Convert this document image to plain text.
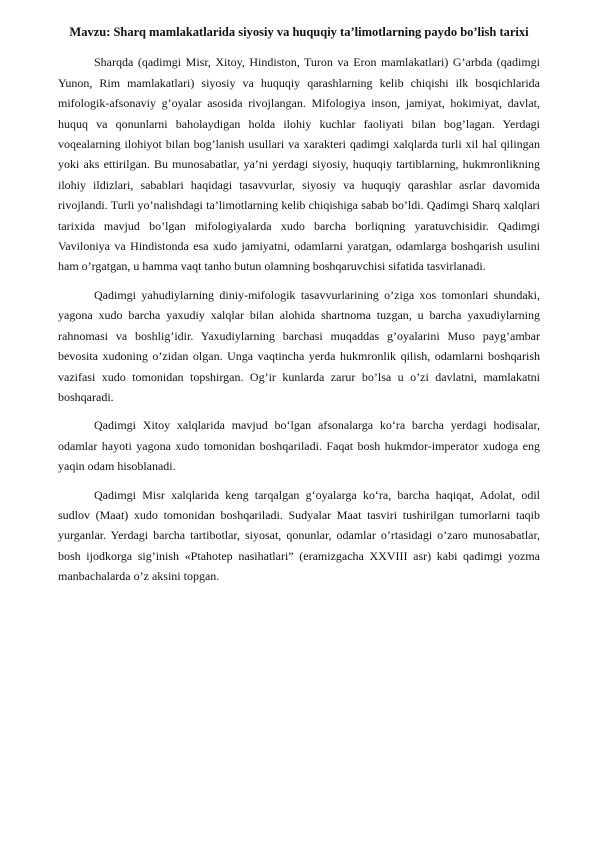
Mavzu: Sharq mamlakatlarida siyosiy va huquqiy ta’limotlarning paydo bo’lish tarixi

Sharqda (qadimgi Misr, Xitoy, Hindiston, Turon va Eron mamlakatlari) G’arbda (qadimgi Yunon, Rim mamlakatlari) siyosiy va huquqiy qarashlarning kelib chiqishi ilk bosqichlarida mifologik-afsonaviy g’oyalar asosida rivojlangan. Mifologiya inson, jamiyat, hokimiyat, davlat, huquq va qonunlarni baholaydigan holda ilohiy kuchlar faoliyati bilan bog’lagan. Yerdagi voqealarning ilohiyot bilan bog’lanish usullari va xarakteri qadimgi xalqlarda turli xil hal qilingan yoki aks ettirilgan. Bu munosabatlar, ya’ni yerdagi siyosiy, huquqiy tartiblarning, hukmronlikning ilohiy ildizlari, sabablari haqidagi tasavvurlar, siyosiy va huquqiy qarashlar asrlar davomida rivojlandi. Turli yo’nalishdagi ta’limotlarning kelib chiqishiga sabab bo’ldi. Qadimgi Sharq xalqlari tarixida mavjud bo’lgan mifologiyalarda xudo barcha borliqning yaratuvchisidir. Qadimgi Vaviloniya va Hindistonda esa xudo jamiyatni, odamlarni yaratgan, odamlarga boshqarish usulini ham o’rgatgan, u hamma vaqt tanho butun olamning boshqaruvchisi sifatida tasvirlanadi.

Qadimgi yahudiylarning diniy-mifologik tasavvurlarining o’ziga xos tomonlari shundaki, yagona xudo barcha yaxudiy xalqlar bilan alohida shartnoma tuzgan, u barcha yaxudiylarning rahnomasi va boshlig’idir. Yaxudiylarning barchasi muqaddas g’oyalarini Muso payg’ambar bevosita xudoning o’zidan olgan. Unga vaqtincha yerda hukmronlik qilish, odamlarni boshqarish vazifasi xudo tomonidan topshirgan. Og’ir kunlarda zarur bo’lsa u o’zi davlatni, mamlakatni boshqaradi.

Qadimgi Xitoy xalqlarida mavjud bo‘lgan afsonalarga ko‘ra barcha yerdagi hodisalar, odamlar hayoti yagona xudo tomonidan boshqariladi. Faqat bosh hukmdor-imperator xudoga eng yaqin odam hisoblanadi.

Qadimgi Misr xalqlarida keng tarqalgan g‘oyalarga ko‘ra, barcha haqiqat, Adolat, odil sudlov (Maat) xudo tomonidan boshqariladi. Sudyalar Maat tasviri tushirilgan tumorlarni taqib yurganlar. Yerdagi barcha tartibotlar, siyosat, qonunlar, odamlar o’rtasidagi o’zaro munosabatlar, bosh ijodkorga sig’inish «Ptahotep nasihatlari” (eramizgacha XXVIII asr) kabi qadimgi yozma manbachalarda o’z aksini topgan.
